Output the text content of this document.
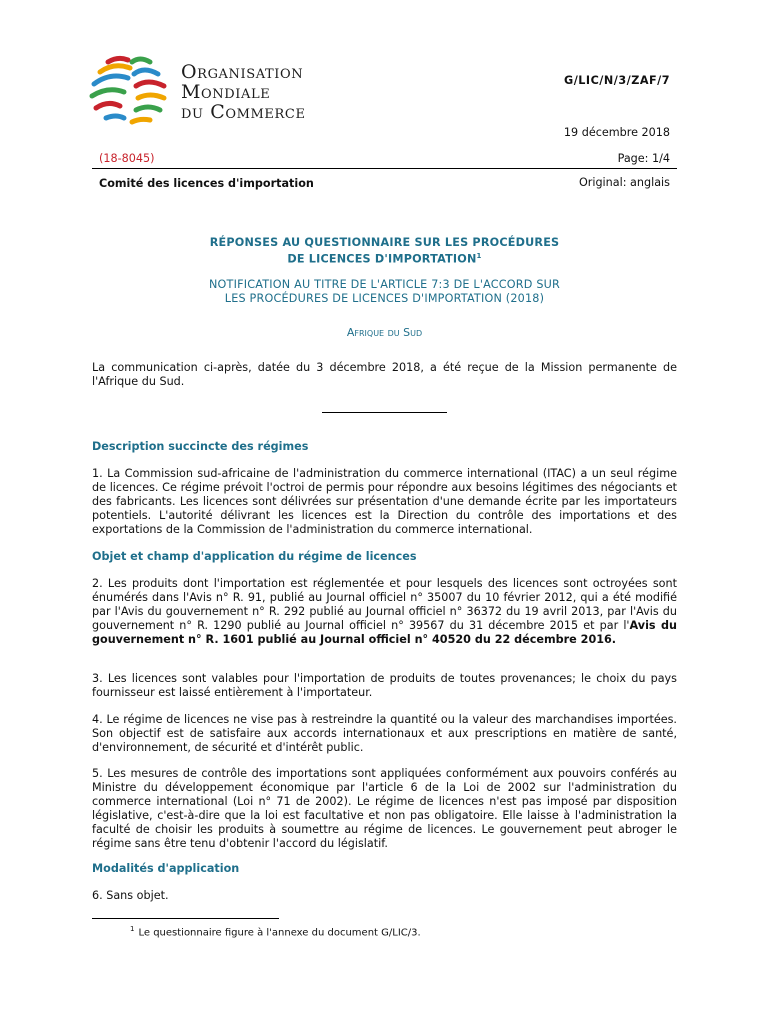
Organisation
Mondiale
du Commerce
G/LIC/N/3/ZAF/7
19 décembre 2018
(18-8045)	Page: 1/4
Comité des licences d'importation	Original: anglais
RÉPONSES AU QUESTIONNAIRE SUR LES PROCÉDURES
DE LICENCES D'IMPORTATION$^1$
NOTIFICATION AU TITRE DE L'ARTICLE 7:3 DE L'ACCORD SUR
LES PROCÉDURES DE LICENCES D'IMPORTATION (2018)
Afrique du Sud
La communication ci-après, datée du 3 décembre 2018, a été reçue de la Mission permanente de l'Afrique du Sud.
Description succincte des régimes
1. La Commission sud-africaine de l'administration du commerce international (ITAC) a un seul régime de licences. Ce régime prévoit l'octroi de permis pour répondre aux besoins légitimes des négociants et des fabricants. Les licences sont délivrées sur présentation d'une demande écrite par les importateurs potentiels. L'autorité délivrant les licences est la Direction du contrôle des importations et des exportations de la Commission de l'administration du commerce international.
Objet et champ d'application du régime de licences
2. Les produits dont l'importation est réglementée et pour lesquels des licences sont octroyées sont énumérés dans l'Avis n° R. 91, publié au Journal officiel n° 35007 du 10 février 2012, qui a été modifié par l'Avis du gouvernement n° R. 292 publié au Journal officiel n° 36372 du 19 avril 2013, par l'Avis du gouvernement n° R. 1290 publié au Journal officiel n° 39567 du 31 décembre 2015 et par l'Avis du gouvernement n° R. 1601 publié au Journal officiel n° 40520 du 22 décembre 2016.
3. Les licences sont valables pour l'importation de produits de toutes provenances; le choix du pays fournisseur est laissé entièrement à l'importateur.
4. Le régime de licences ne vise pas à restreindre la quantité ou la valeur des marchandises importées. Son objectif est de satisfaire aux accords internationaux et aux prescriptions en matière de santé, d'environnement, de sécurité et d'intérêt public.
5. Les mesures de contrôle des importations sont appliquées conformément aux pouvoirs conférés au Ministre du développement économique par l'article 6 de la Loi de 2002 sur l'administration du commerce international (Loi n° 71 de 2002). Le régime de licences n'est pas imposé par disposition législative, c'est-à-dire que la loi est facultative et non pas obligatoire. Elle laisse à l'administration la faculté de choisir les produits à soumettre au régime de licences. Le gouvernement peut abroger le régime sans être tenu d'obtenir l'accord du législatif.
Modalités d'application
6. Sans objet.
$^1$ Le questionnaire figure à l'annexe du document G/LIC/3.
